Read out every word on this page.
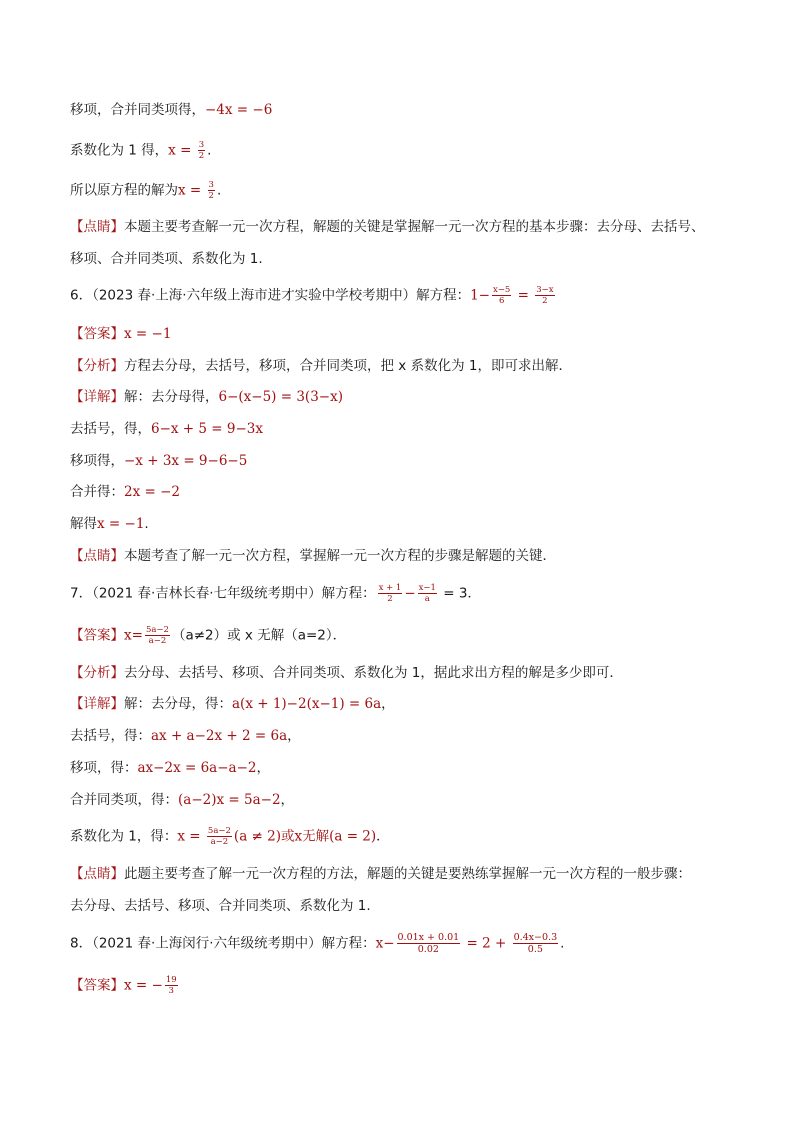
移项，合并同类项得，−4x = −6
系数化为 1 得，$x = \frac{3}{2}$ .
所以原方程的解为$x = \frac{3}{2}$ .
【点睛】本题主要考查解一元一次方程，解题的关键是掌握解一元一次方程的基本步骤：去分母、去括号、
移项、合并同类项、系数化为 1.
6．（2023 春·上海·六年级上海市进才实验中学校考期中）解方程：$1- \frac{x-5}{6} = \frac{3-x}{2}$
【答案】x = −1
【分析】方程去分母，去括号，移项，合并同类项，把 x 系数化为 1，即可求出解．
【详解】解：去分母得，6−(x−5) = 3(3−x)
去括号，得，6−x + 5 = 9−3x
移项得，−x + 3x = 9−6−5
合并得：2x = −2
解得x = −1.
【点睛】本题考查了解一元一次方程，掌握解一元一次方程的步骤是解题的关键．
7．（2021 春·吉林长春·七年级统考期中）解方程： $\frac{x + 1}{2} - \frac{x-1}{a} = 3$．
【答案】$x= \frac{5a-2}{a-2} (a\ne 2)$或 x 无解（a=2）．
【分析】去分母、去括号、移项、合并同类项、系数化为 1，据此求出方程的解是多少即可．
【详解】解：去分母，得：a(x + 1)−2(x−1) = 6a，
去括号，得：ax + a−2x + 2 = 6a，
移项，得：ax−2x = 6a−a−2，
合并同类项，得：(a−2)x = 5a−2，
系数化为 1，得：$x = \frac{5a-2}{a-2} (a \ne 2)$或x无解(a = 2)．
【点睛】此题主要考查了解一元一次方程的方法，解题的关键是要熟练掌握解一元一次方程的一般步骤：
去分母、去括号、移项、合并同类项、系数化为 1.
8．（2021 春·上海闵行·六年级统考期中）解方程：$x- \frac{0.01x + 0.01}{0.02} = 2 + \frac{0.4x-0.3}{0.5}$ .
【答案】x = − $\frac{19}{3}$
